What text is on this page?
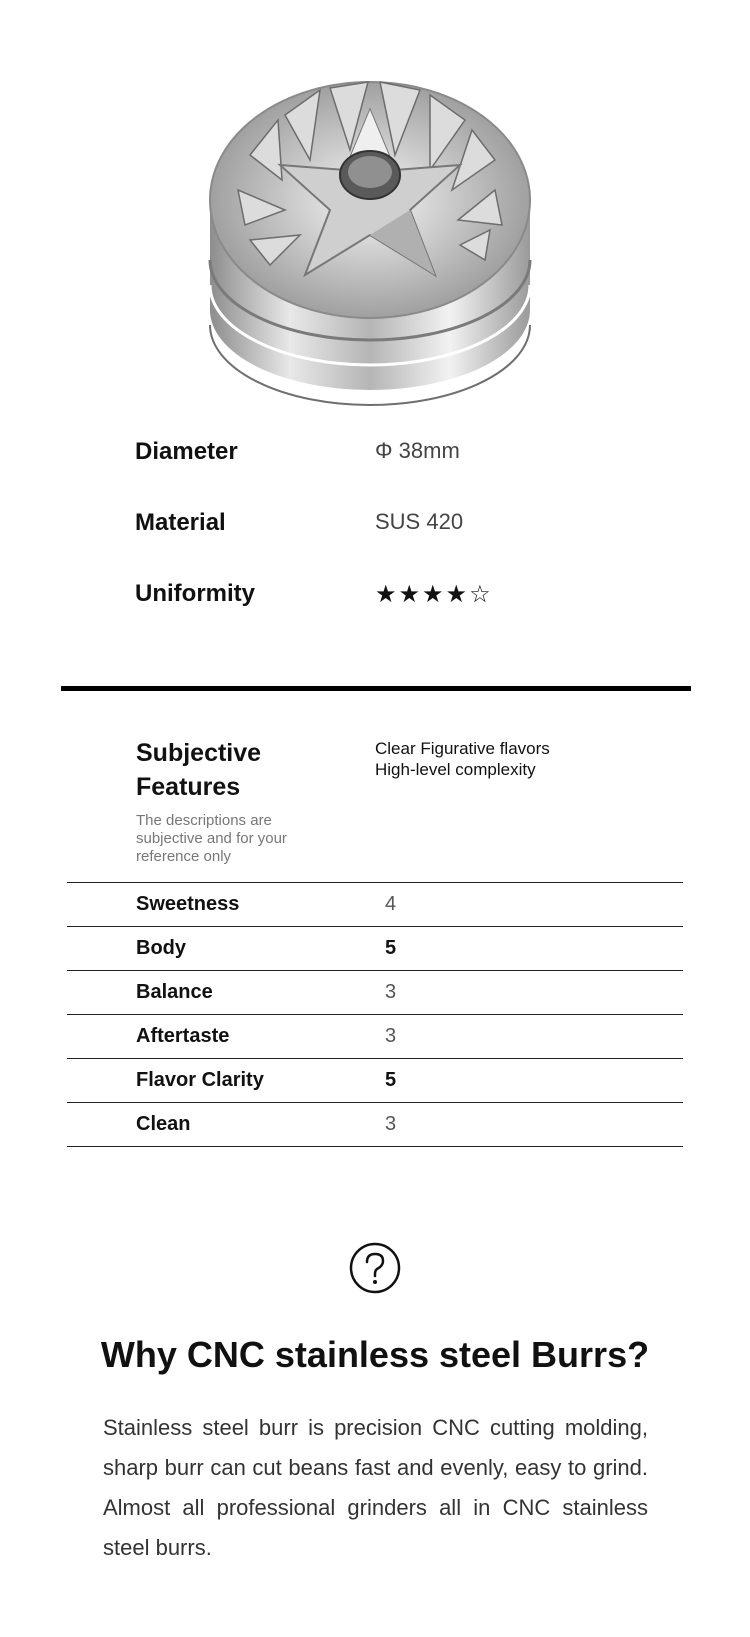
Diameter	Φ 38mm
Material	SUS 420
Uniformity	★★★★☆
Subjective Features
The descriptions are subjective and for your reference only
Clear Figurative flavors
High-level complexity
Sweetness	4
Body	5
Balance	3
Aftertaste	3
Flavor Clarity	5
Clean	3
Why CNC stainless steel Burrs?
Stainless steel burr is precision CNC cutting molding, sharp burr can cut beans fast and evenly, easy to grind. Almost all professional grinders all in CNC stainless steel burrs.
